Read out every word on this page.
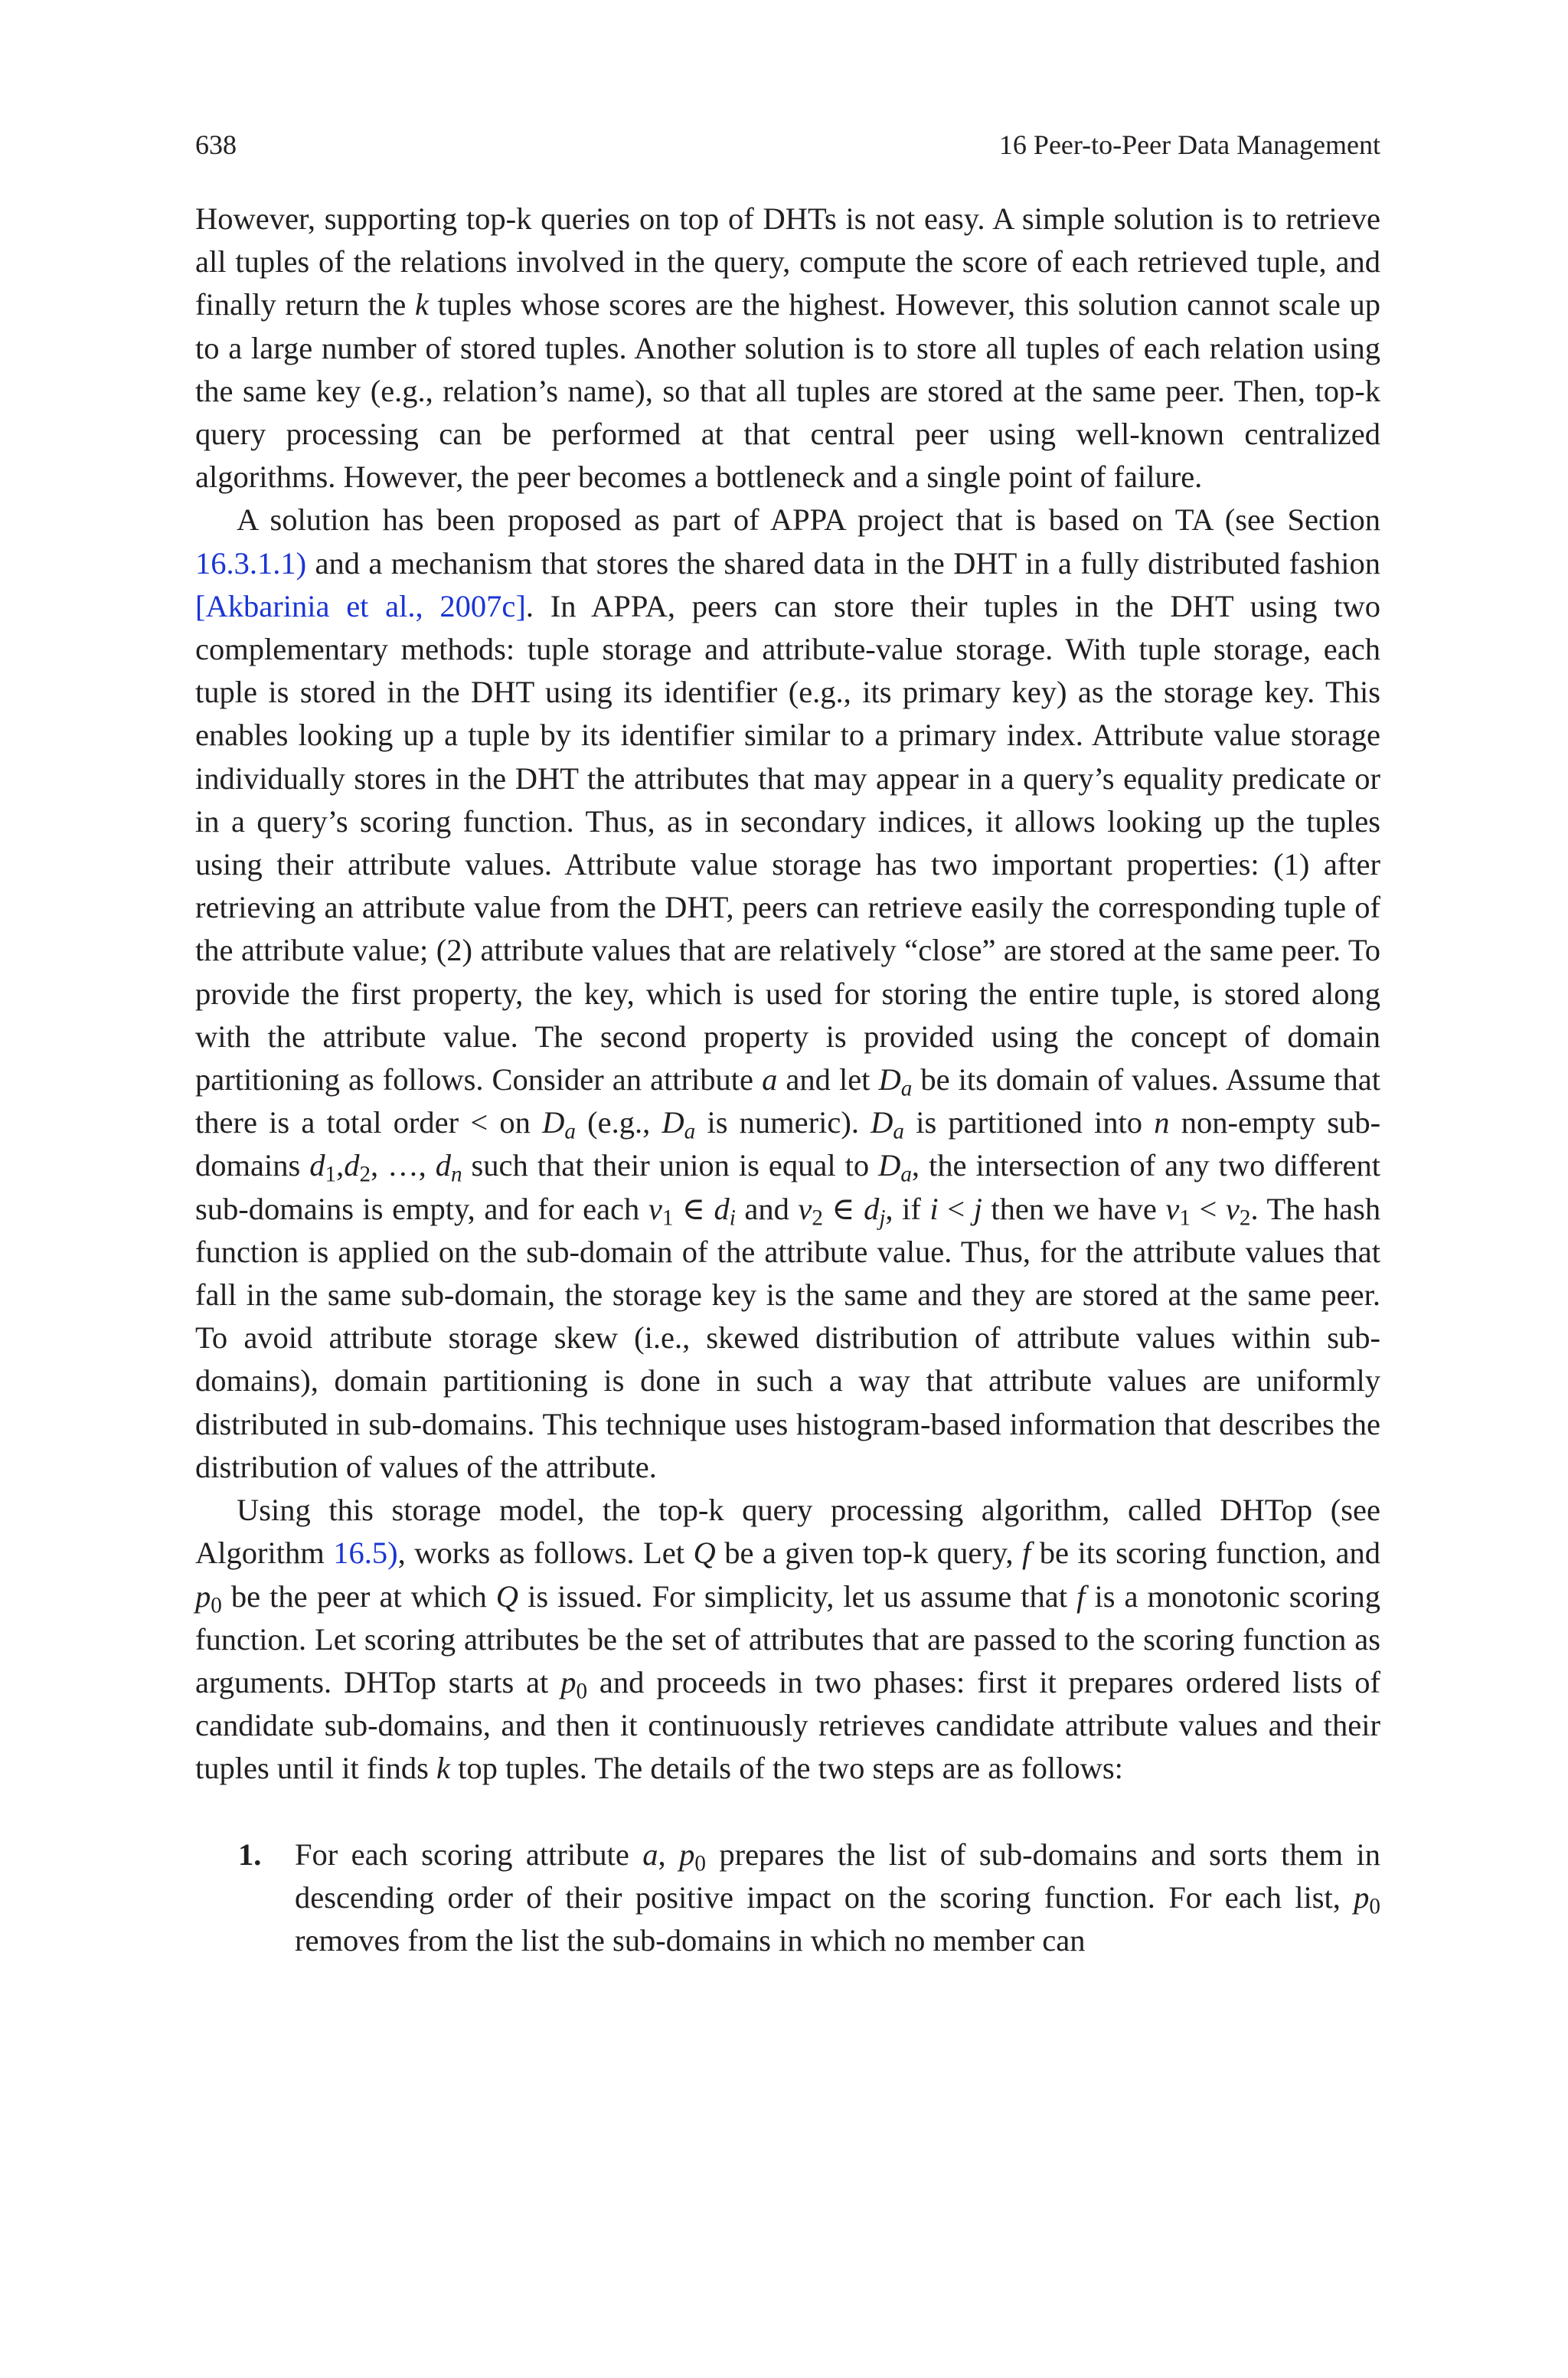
638	16 Peer-to-Peer Data Management

However, supporting top-k queries on top of DHTs is not easy. A simple solution is to retrieve all tuples of the relations involved in the query, compute the score of each retrieved tuple, and finally return the k tuples whose scores are the highest. However, this solution cannot scale up to a large number of stored tuples. Another solution is to store all tuples of each relation using the same key (e.g., relation’s name), so that all tuples are stored at the same peer. Then, top-k query processing can be performed at that central peer using well-known centralized algorithms. However, the peer becomes a bottleneck and a single point of failure.

A solution has been proposed as part of APPA project that is based on TA (see Section 16.3.1.1) and a mechanism that stores the shared data in the DHT in a fully distributed fashion [Akbarinia et al., 2007c]. In APPA, peers can store their tuples in the DHT using two complementary methods: tuple storage and attribute-value storage. With tuple storage, each tuple is stored in the DHT using its identifier (e.g., its primary key) as the storage key. This enables looking up a tuple by its identifier similar to a primary index. Attribute value storage individually stores in the DHT the attributes that may appear in a query’s equality predicate or in a query’s scoring function. Thus, as in secondary indices, it allows looking up the tuples using their attribute values. Attribute value storage has two important properties: (1) after retrieving an attribute value from the DHT, peers can retrieve easily the corresponding tuple of the attribute value; (2) attribute values that are relatively “close” are stored at the same peer. To provide the first property, the key, which is used for storing the entire tuple, is stored along with the attribute value. The second property is provided using the concept of domain partitioning as follows. Consider an attribute a and let $D_a$ be its domain of values. Assume that there is a total order < on $D_a$ (e.g., $D_a$ is numeric). $D_a$ is partitioned into n non-empty sub-domains $d_1,d_2$, …, $d_n$ such that their union is equal to $D_a$, the intersection of any two different sub-domains is empty, and for each $v_1$ ∈ $d_i$ and $v_2$ ∈ $d_j$, if i < j then we have $v_1 < v_2$. The hash function is applied on the sub-domain of the attribute value. Thus, for the attribute values that fall in the same sub-domain, the storage key is the same and they are stored at the same peer. To avoid attribute storage skew (i.e., skewed distribution of attribute values within sub-domains), domain partitioning is done in such a way that attribute values are uniformly distributed in sub-domains. This technique uses histogram-based information that describes the distribution of values of the attribute.

Using this storage model, the top-k query processing algorithm, called DHTop (see Algorithm 16.5), works as follows. Let Q be a given top-k query, f be its scoring function, and $p_0$ be the peer at which Q is issued. For simplicity, let us assume that f is a monotonic scoring function. Let scoring attributes be the set of attributes that are passed to the scoring function as arguments. DHTop starts at $p_0$ and proceeds in two phases: first it prepares ordered lists of candidate sub-domains, and then it continuously retrieves candidate attribute values and their tuples until it finds k top tuples. The details of the two steps are as follows:

1. For each scoring attribute a, $p_0$ prepares the list of sub-domains and sorts them in descending order of their positive impact on the scoring function. For each list, $p_0$ removes from the list the sub-domains in which no member can
